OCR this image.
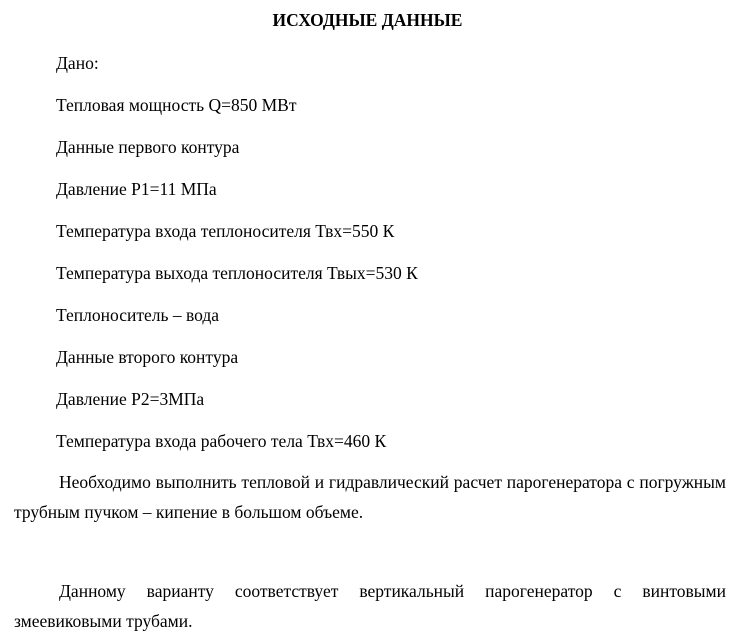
ИСХОДНЫЕ ДАННЫЕ

Дано:

Тепловая мощность Q=850 МВт

Данные первого контура

Давление Р1=11 МПа

Температура входа теплоносителя Твх=550 К

Температура выхода теплоносителя Твых=530 К

Теплоноситель – вода

Данные второго контура

Давление Р2=3МПа

Температура входа рабочего тела Твх=460 К

Необходимо выполнить тепловой и гидравлический расчет парогенератора с погружным трубным пучком – кипение в большом объеме.

Данному варианту соответствует вертикальный парогенератор с винтовыми змеевиковыми трубами.
